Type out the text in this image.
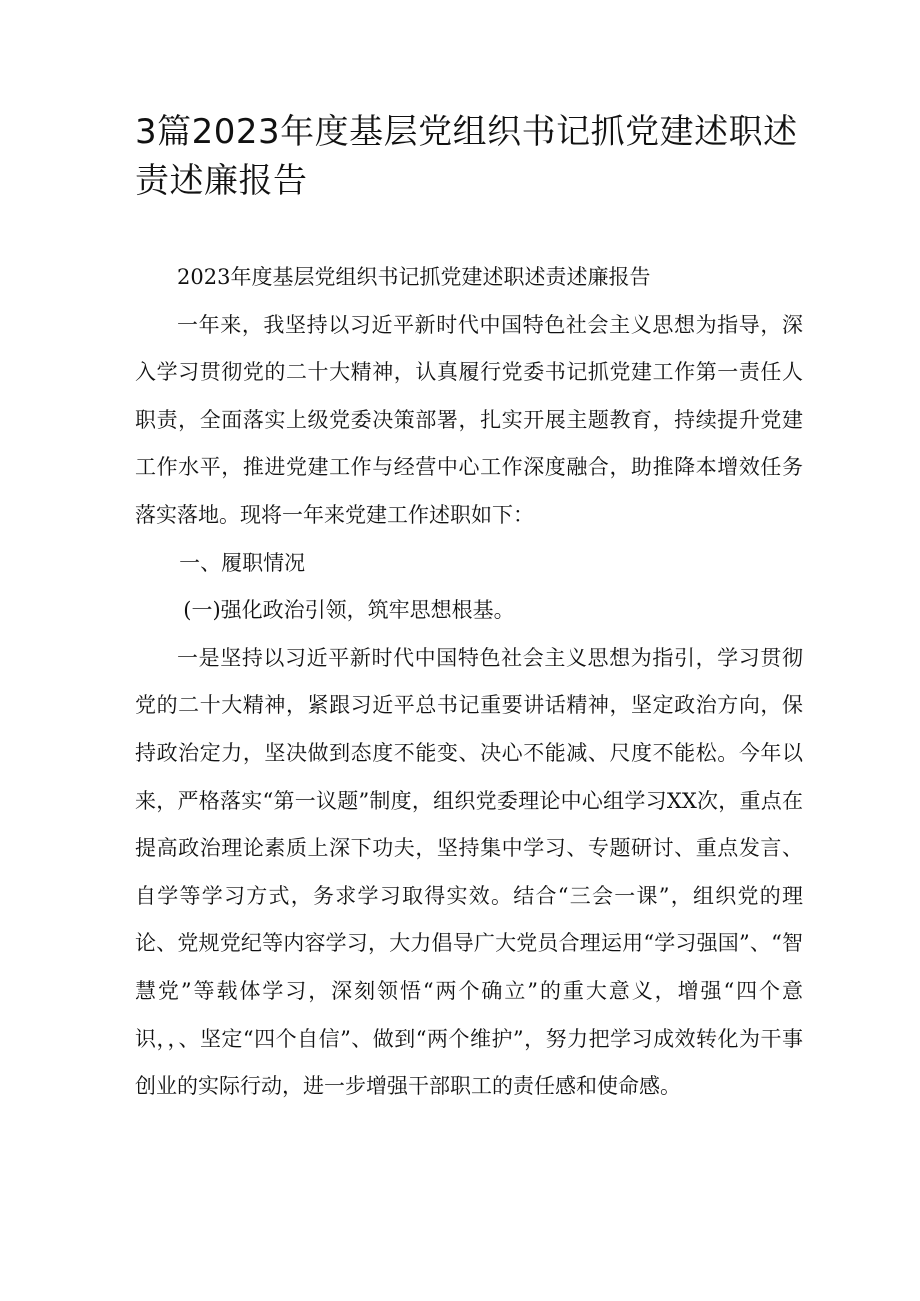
3篇2023年度基层党组织书记抓党建述职述责述廉报告

2023年度基层党组织书记抓党建述职述责述廉报告

一年来，我坚持以习近平新时代中国特色社会主义思想为指导，深入学习贯彻党的二十大精神，认真履行党委书记抓党建工作第一责任人职责，全面落实上级党委决策部署，扎实开展主题教育，持续提升党建工作水平，推进党建工作与经营中心工作深度融合，助推降本增效任务落实落地。现将一年来党建工作述职如下：

一、履职情况

(一)强化政治引领，筑牢思想根基。

一是坚持以习近平新时代中国特色社会主义思想为指引，学习贯彻党的二十大精神，紧跟习近平总书记重要讲话精神，坚定政治方向，保持政治定力，坚决做到态度不能变、决心不能减、尺度不能松。今年以来，严格落实“第一议题”制度，组织党委理论中心组学习XX次，重点在提高政治理论素质上深下功夫，坚持集中学习、专题研讨、重点发言、自学等学习方式，务求学习取得实效。结合“三会一课”，组织党的理论、党规党纪等内容学习，大力倡导广大党员合理运用“学习强国”、“智慧党”等载体学习，深刻领悟“两个确立”的重大意义，增强“四个意识，，、坚定“四个自信”、做到“两个维护”，努力把学习成效转化为干事创业的实际行动，进一步增强干部职工的责任感和使命感。
